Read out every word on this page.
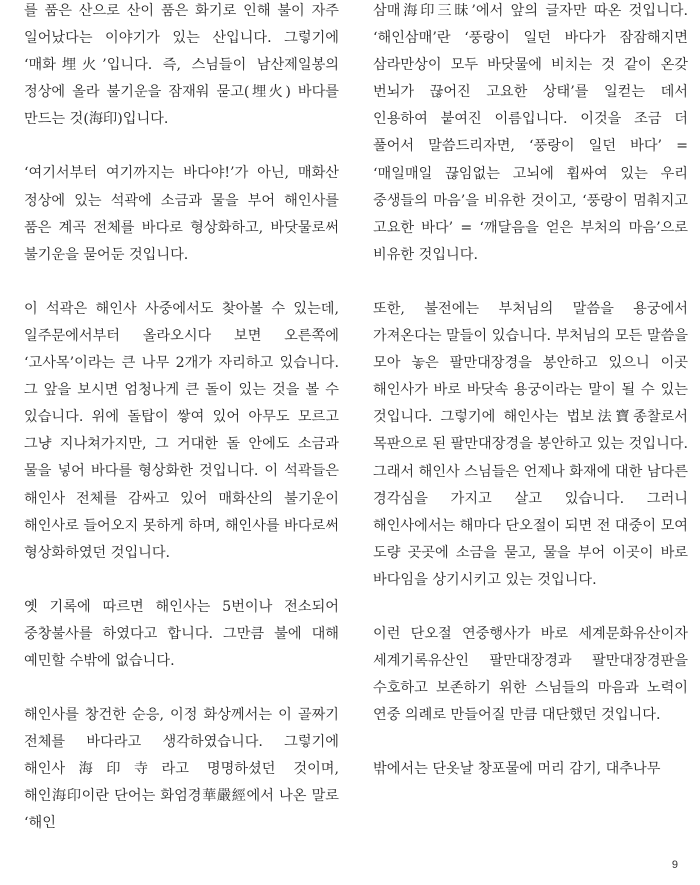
를 품은 산으로 산이 품은 화기로 인해 불이 자주 일어났다는 이야기가 있는 산입니다. 그렇기에 ‘매화埋火’입니다. 즉, 스님들이 남산제일봉의 정상에 올라 불기운을 잠재워 묻고(埋火) 바다를 만드는 것(海印)입니다.

‘여기서부터 여기까지는 바다야!’가 아닌, 매화산 정상에 있는 석곽에 소금과 물을 부어 해인사를 품은 계곡 전체를 바다로 형상화하고, 바닷물로써 불기운을 묻어둔 것입니다.

이 석곽은 해인사 사중에서도 찾아볼 수 있는데, 일주문에서부터 올라오시다 보면 오른쪽에 ‘고사목’이라는 큰 나무 2개가 자리하고 있습니다. 그 앞을 보시면 엄청나게 큰 돌이 있는 것을 볼 수 있습니다. 위에 돌탑이 쌓여 있어 아무도 모르고 그냥 지나쳐가지만, 그 거대한 돌 안에도 소금과 물을 넣어 바다를 형상화한 것입니다. 이 석곽들은 해인사 전체를 감싸고 있어 매화산의 불기운이 해인사로 들어오지 못하게 하며, 해인사를 바다로써 형상화하였던 것입니다.

옛 기록에 따르면 해인사는 5번이나 전소되어 중창불사를 하였다고 합니다. 그만큼 불에 대해 예민할 수밖에 없습니다.

해인사를 창건한 순응, 이정 화상께서는 이 골짜기 전체를 바다라고 생각하였습니다. 그렇기에 해인사海印寺라고 명명하셨던 것이며, 해인海印이란 단어는 화엄경華嚴經에서 나온 말로 ‘해인

삼매海印三昧’에서 앞의 글자만 따온 것입니다. ‘해인삼매’란 ‘풍랑이 일던 바다가 잠잠해지면 삼라만상이 모두 바닷물에 비치는 것 같이 온갖 번뇌가 끊어진 고요한 상태’를 일컫는 데서 인용하여 붙여진 이름입니다. 이것을 조금 더 풀어서 말씀드리자면, ‘풍랑이 일던 바다’ = ‘매일매일 끊임없는 고뇌에 휩싸여 있는 우리 중생들의 마음’을 비유한 것이고, ‘풍랑이 멈춰지고 고요한 바다’ = ‘깨달음을 얻은 부처의 마음’으로 비유한 것입니다.

또한, 불전에는 부처님의 말씀을 용궁에서 가져온다는 말들이 있습니다. 부처님의 모든 말씀을 모아 놓은 팔만대장경을 봉안하고 있으니 이곳 해인사가 바로 바닷속 용궁이라는 말이 될 수 있는 것입니다. 그렇기에 해인사는 법보法寶종찰로서 목판으로 된 팔만대장경을 봉안하고 있는 것입니다. 그래서 해인사 스님들은 언제나 화재에 대한 남다른 경각심을 가지고 살고 있습니다. 그러니 해인사에서는 해마다 단오절이 되면 전 대중이 모여 도량 곳곳에 소금을 묻고, 물을 부어 이곳이 바로 바다임을 상기시키고 있는 것입니다.

이런 단오절 연중행사가 바로 세계문화유산이자 세계기록유산인 팔만대장경과 팔만대장경판을 수호하고 보존하기 위한 스님들의 마음과 노력이 연중 의례로 만들어질 만큼 대단했던 것입니다.

밖에서는 단옷날 창포물에 머리 감기, 대추나무

9
